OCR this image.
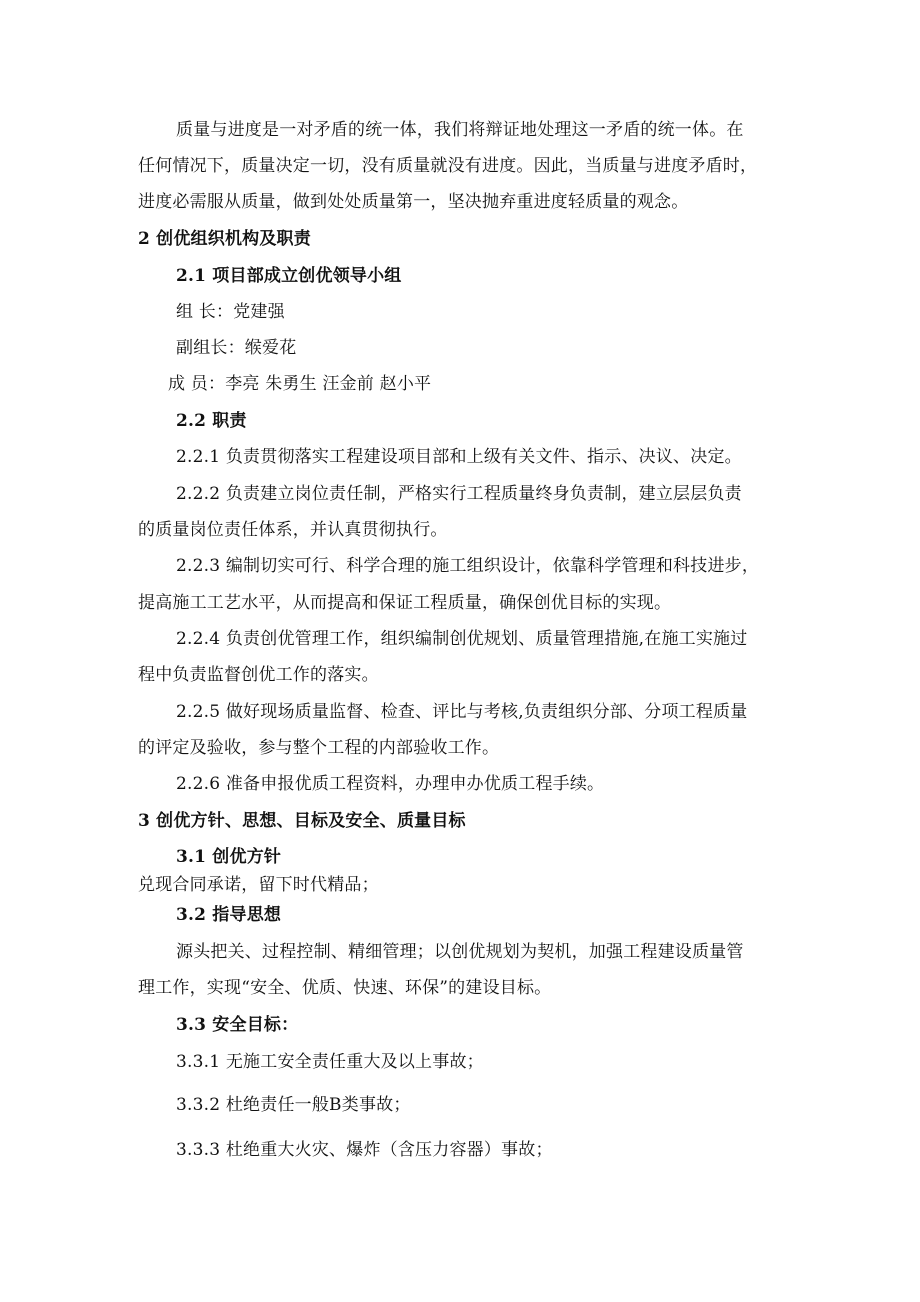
质量与进度是一对矛盾的统一体，我们将辩证地处理这一矛盾的统一体。在
任何情况下，质量决定一切，没有质量就没有进度。因此，当质量与进度矛盾时，
进度必需服从质量，做到处处质量第一，坚决抛弃重进度轻质量的观念。
2 创优组织机构及职责
2.1 项目部成立创优领导小组
组 长：党建强
副组长：缑爱花
成 员：李亮 朱勇生 汪金前 赵小平
2.2 职责
2.2.1 负责贯彻落实工程建设项目部和上级有关文件、指示、决议、决定。
2.2.2 负责建立岗位责任制，严格实行工程质量终身负责制，建立层层负责
的质量岗位责任体系，并认真贯彻执行。
2.2.3 编制切实可行、科学合理的施工组织设计，依靠科学管理和科技进步，
提高施工工艺水平，从而提高和保证工程质量，确保创优目标的实现。
2.2.4 负责创优管理工作，组织编制创优规划、质量管理措施,在施工实施过
程中负责监督创优工作的落实。
2.2.5 做好现场质量监督、检查、评比与考核,负责组织分部、分项工程质量
的评定及验收，参与整个工程的内部验收工作。
2.2.6 准备申报优质工程资料，办理申办优质工程手续。
3 创优方针、思想、目标及安全、质量目标
3.1 创优方针
兑现合同承诺，留下时代精品；
3.2 指导思想
源头把关、过程控制、精细管理；以创优规划为契机，加强工程建设质量管
理工作，实现“安全、优质、快速、环保”的建设目标。
3.3 安全目标：
3.3.1 无施工安全责任重大及以上事故；
3.3.2 杜绝责任一般B类事故；
3.3.3 杜绝重大火灾、爆炸（含压力容器）事故；
